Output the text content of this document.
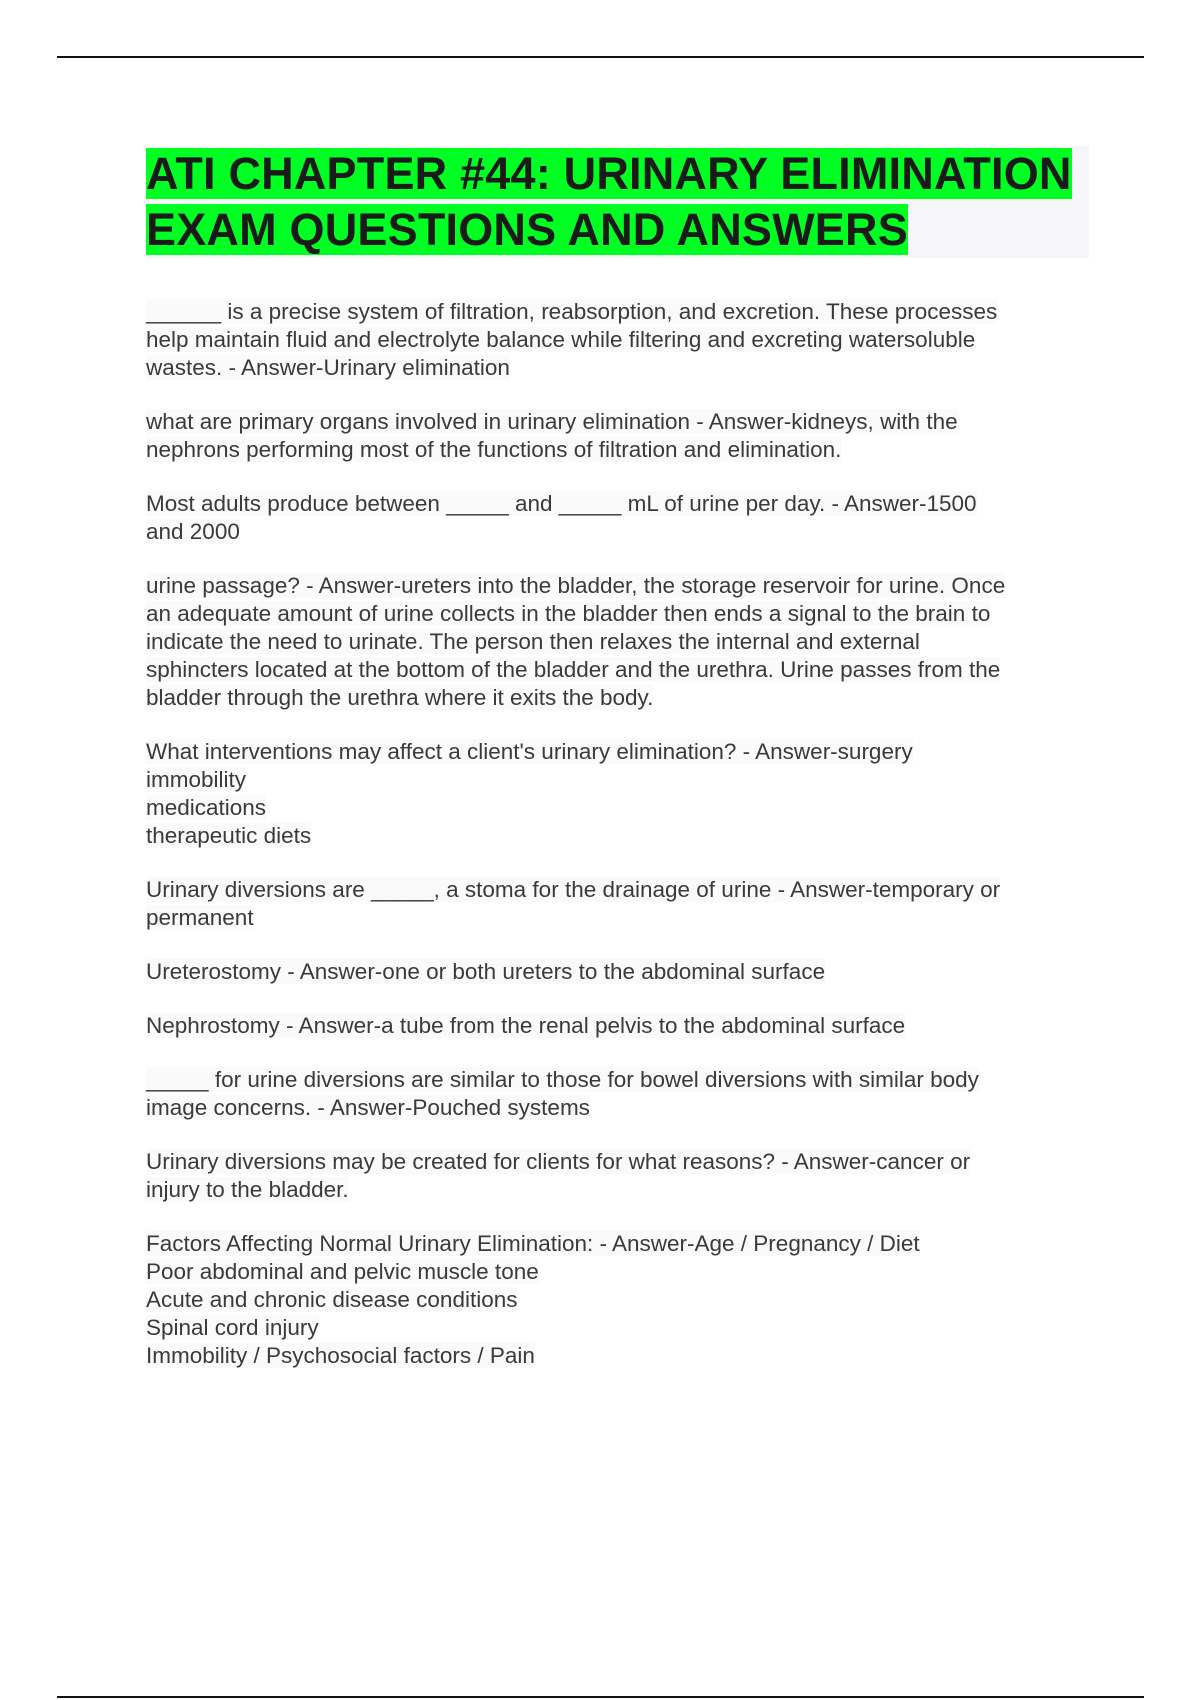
ATI CHAPTER #44: URINARY ELIMINATION EXAM QUESTIONS AND ANSWERS
______ is a precise system of filtration, reabsorption, and excretion. These processes
help maintain fluid and electrolyte balance while filtering and excreting watersoluble
wastes. - Answer-Urinary elimination
what are primary organs involved in urinary elimination - Answer-kidneys, with the
nephrons performing most of the functions of filtration and elimination.
Most adults produce between _____ and _____ mL of urine per day. - Answer-1500
and 2000
urine passage? - Answer-ureters into the bladder, the storage reservoir for urine. Once
an adequate amount of urine collects in the bladder then ends a signal to the brain to
indicate the need to urinate. The person then relaxes the internal and external
sphincters located at the bottom of the bladder and the urethra. Urine passes from the
bladder through the urethra where it exits the body.
What interventions may affect a client's urinary elimination? - Answer-surgery
immobility
medications
therapeutic diets
Urinary diversions are _____, a stoma for the drainage of urine - Answer-temporary or
permanent
Ureterostomy - Answer-one or both ureters to the abdominal surface
Nephrostomy - Answer-a tube from the renal pelvis to the abdominal surface
_____ for urine diversions are similar to those for bowel diversions with similar body
image concerns. - Answer-Pouched systems
Urinary diversions may be created for clients for what reasons? - Answer-cancer or
injury to the bladder.
Factors Affecting Normal Urinary Elimination: - Answer-Age / Pregnancy / Diet
Poor abdominal and pelvic muscle tone
Acute and chronic disease conditions
Spinal cord injury
Immobility / Psychosocial factors / Pain
